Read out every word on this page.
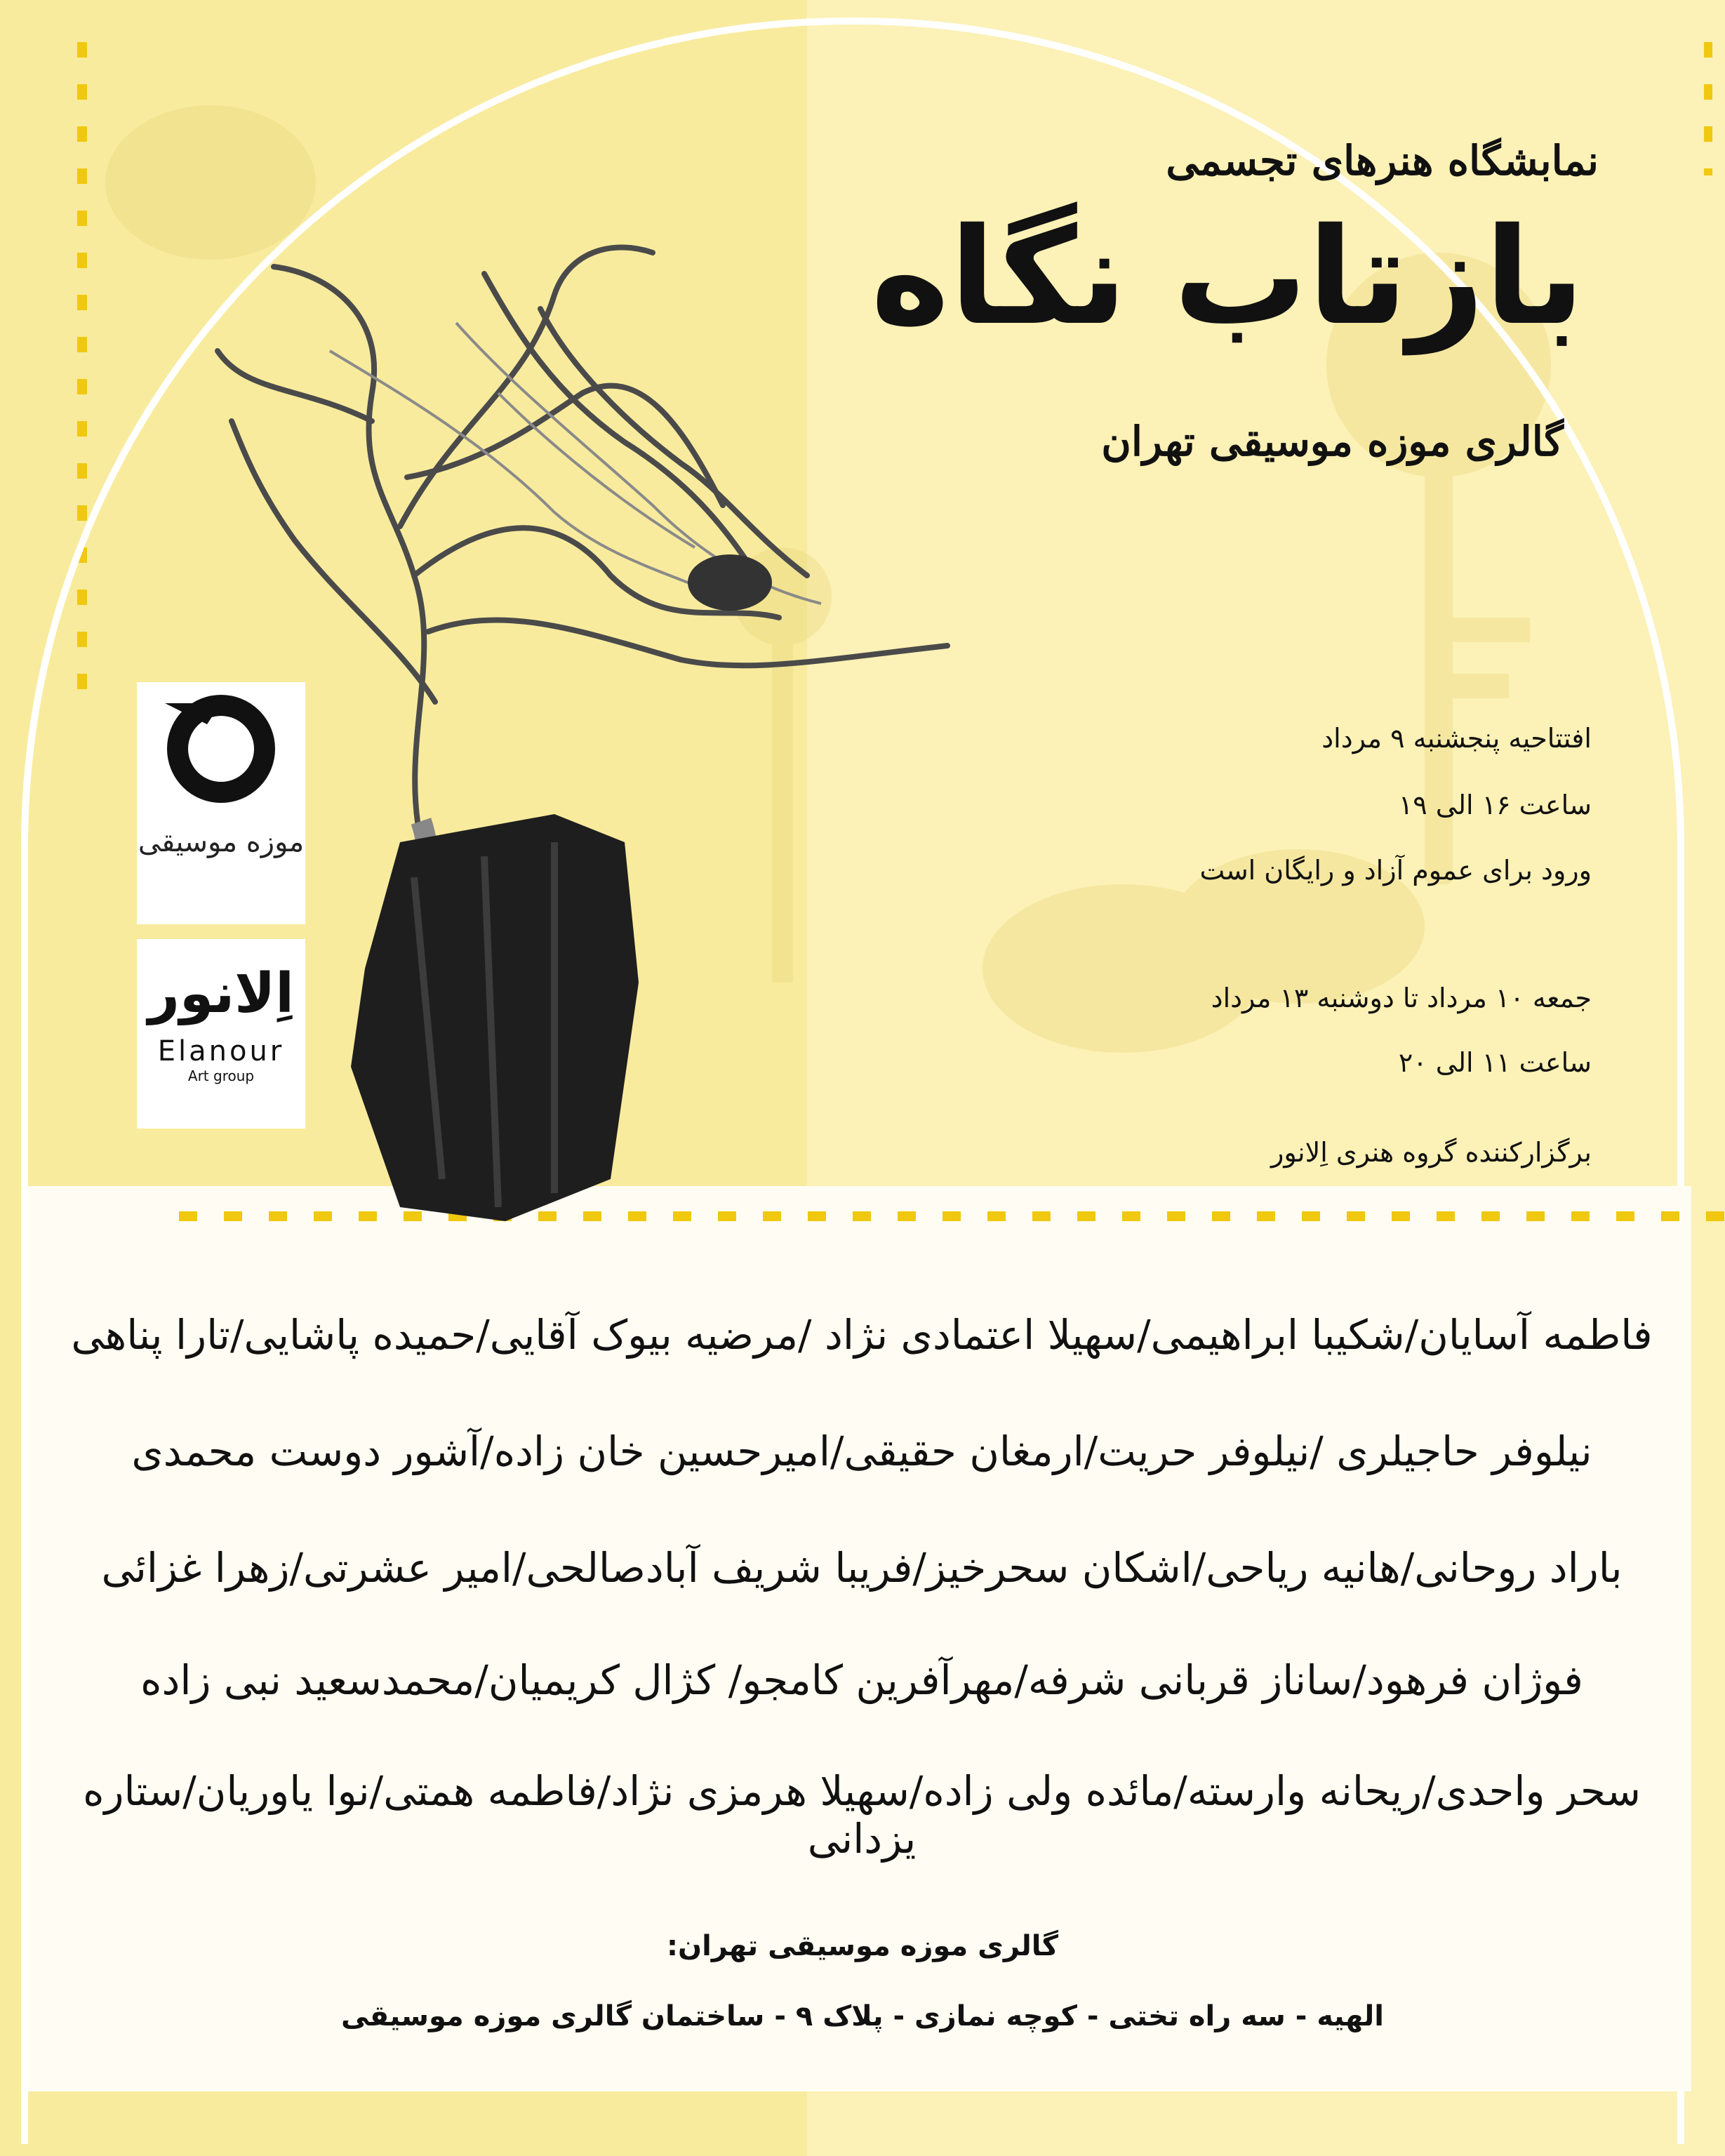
موزه موسیقی
اِلانور
Elanour
Art group
نمابشگاه هنرهای تجسمی
بازتاب نگاه
گالری موزه موسیقی تهران
افتتاحیه پنجشنبه ۹ مرداد
ساعت ۱۶ الی ۱۹
ورود برای عموم آزاد و رایگان است
جمعه ۱۰ مرداد تا دوشنبه ۱۳ مرداد
ساعت ۱۱ الی ۲۰
برگزارکننده گروه هنری اِلانور
فاطمه آسایان/شکیبا ابراهیمی/سهیلا اعتمادی نژاد /مرضیه بیوک آقایی/حمیده پاشایی/تارا پناهی
نیلوفر حاجیلری /نیلوفر حریت/ارمغان حقیقی/امیرحسین خان زاده/آشور دوست محمدی
باراد روحانی/هانیه ریاحی/اشکان سحرخیز/فریبا شریف آبادصالحی/امیر عشرتی/زهرا غزائی
فوژان فرهود/ساناز قربانی شرفه/مهرآفرین کامجو/ کژال کریمیان/محمدسعید نبی زاده
سحر واحدی/ریحانه وارسته/مائده ولی زاده/سهیلا هرمزی نژاد/فاطمه همتی/نوا یاوریان/ستاره یزدانی
گالری موزه موسیقی تهران:
الهیه - سه راه تختی - کوچه نمازی - پلاک ۹ - ساختمان گالری موزه موسیقی
